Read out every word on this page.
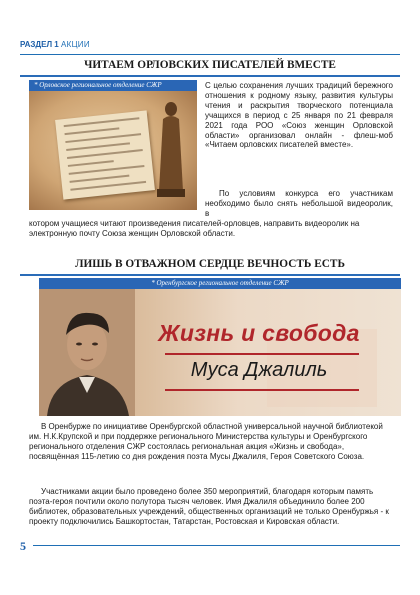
РАЗДЕЛ 1 АКЦИИ
ЧИТАЕМ ОРЛОВСКИХ ПИСАТЕЛЕЙ ВМЕСТЕ
* Орловское региональное отделение СЖР	С целью сохранения лучших традиций бережного отношения к родному языку, развития культуры чтения и раскрытия творческого потенциала учащихся в период с 25 января по 21 февраля 2021 года РОО «Союз женщин Орловской области» организовал онлайн - флеш-моб «Читаем орловских писателей вместе».

По условиям конкурса его участникам необходимо было снять небольшой видеоролик, в

котором учащиеся читают произведения писателей-орловцев, направить видеоролик на электронную почту Союза женщин Орловской области.

ЛИШЬ В ОТВАЖНОМ СЕРДЦЕ ВЕЧНОСТЬ ЕСТЬ
* Оренбургское региональное отделение СЖР
Жизнь и свобода
Муса Джалиль

В Оренбурже по инициативе Оренбургской областной универсальной научной библиотекой им. Н.К.Крупской и при поддержке регионального Министерства культуры и Оренбургского регионального отделения СЖР состоялась региональная акция «Жизнь и свобода», посвящённая 115-летию со дня рождения поэта Мусы Джалиля, Героя Советского Союза.

Участниками акции было проведено более 350 мероприятий, благодаря которым память поэта-героя почтили около полутора тысяч человек. Имя Джалиля объединило более 200 библиотек, образовательных учреждений, общественных организаций не только Оренбуржья - к проекту подключились Башкортостан, Татарстан, Ростовская и Кировская области.

5
